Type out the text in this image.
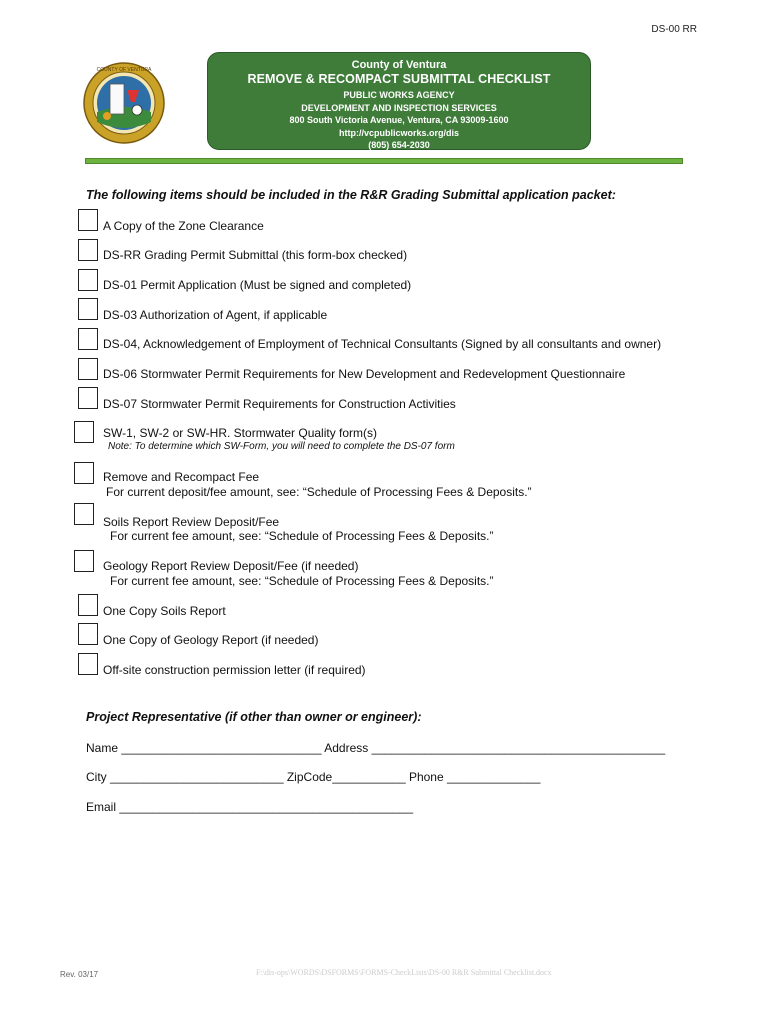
DS-00 RR
COUNTY OF VENTURA	County of Ventura
REMOVE & RECOMPACT SUBMITTAL CHECKLIST
PUBLIC WORKS AGENCY
DEVELOPMENT AND INSPECTION SERVICES
800 South Victoria Avenue, Ventura, CA 93009-1600
http://vcpublicworks.org/dis
(805) 654-2030
The following items should be included in the R&R Grading Submittal application packet:
A Copy of the Zone Clearance
DS-RR Grading Permit Submittal (this form-box checked)
DS-01 Permit Application (Must be signed and completed)
DS-03 Authorization of Agent, if applicable
DS-04, Acknowledgement of Employment of Technical Consultants (Signed by all consultants and owner)
DS-06 Stormwater Permit Requirements for New Development and Redevelopment Questionnaire
DS-07 Stormwater Permit Requirements for Construction Activities
SW-1, SW-2 or SW-HR. Stormwater Quality form(s)
Note: To determine which SW-Form, you will need to complete the DS-07 form
Remove and Recompact Fee
For current deposit/fee amount, see: “Schedule of Processing Fees & Deposits.”
Soils Report Review Deposit/Fee
For current fee amount, see: “Schedule of Processing Fees & Deposits.”
Geology Report Review Deposit/Fee (if needed)
For current fee amount, see: “Schedule of Processing Fees & Deposits.”
One Copy Soils Report
One Copy of Geology Report (if needed)
Off-site construction permission letter (if required)
Project Representative (if other than owner or engineer):
Name ______________________________ Address ____________________________________________
City __________________________ ZipCode___________ Phone ______________
Email ____________________________________________
Rev. 03/17	F:\dis-ops\WORDS\DSFORMS\FORMS-CheckLists\DS-00 R&R Submittal Checklist.docx
